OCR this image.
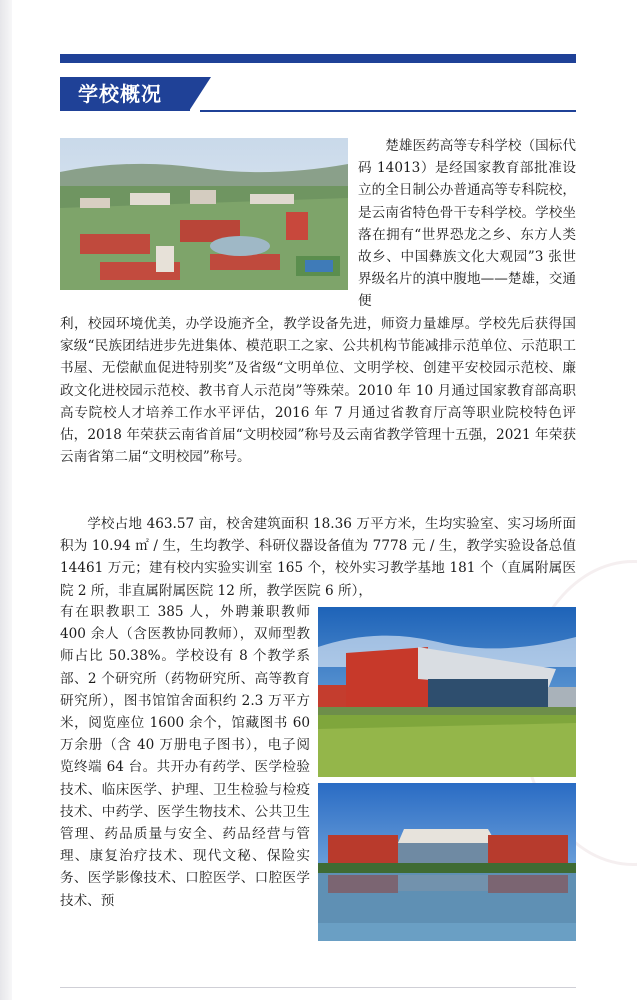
学校概况

楚雄医药高等专科学校（国标代码 14013）是经国家教育部批准设立的全日制公办普通高等专科院校，是云南省特色骨干专科学校。学校坐落在拥有“世界恐龙之乡、东方人类故乡、中国彝族文化大观园”3 张世界级名片的滇中腹地——楚雄，交通便

利，校园环境优美，办学设施齐全，教学设备先进，师资力量雄厚。学校先后获得国家级“民族团结进步先进集体、模范职工之家、公共机构节能减排示范单位、示范职工书屋、无偿献血促进特别奖”及省级“文明单位、文明学校、创建平安校园示范校、廉政文化进校园示范校、教书育人示范岗”等殊荣。2010 年 10 月通过国家教育部高职高专院校人才培养工作水平评估，2016 年 7 月通过省教育厅高等职业院校特色评估，2018 年荣获云南省首届“文明校园”称号及云南省教学管理十五强，2021 年荣获云南省第二届“文明校园”称号。

学校占地 463.57 亩，校舍建筑面积 18.36 万平方米，生均实验室、实习场所面积为 10.94 ㎡ / 生，生均教学、科研仪器设备值为 7778 元 / 生，教学实验设备总值 14461 万元；建有校内实验实训室 165 个，校外实习教学基地 181 个（直属附属医院 2 所，非直属附属医院 12 所，教学医院 6 所），

有在职教职工 385 人，外聘兼职教师 400 余人（含医教协同教师），双师型教师占比 50.38%。学校设有 8 个教学系部、2 个研究所（药物研究所、高等教育研究所），图书馆馆舍面积约 2.3 万平方米，阅览座位 1600 余个，馆藏图书 60 万余册（含 40 万册电子图书），电子阅览终端 64 台。共开办有药学、医学检验技术、临床医学、护理、卫生检验与检疫技术、中药学、医学生物技术、公共卫生管理、药品质量与安全、药品经营与管理、康复治疗技术、现代文秘、保险实务、医学影像技术、口腔医学、口腔医学技术、预
